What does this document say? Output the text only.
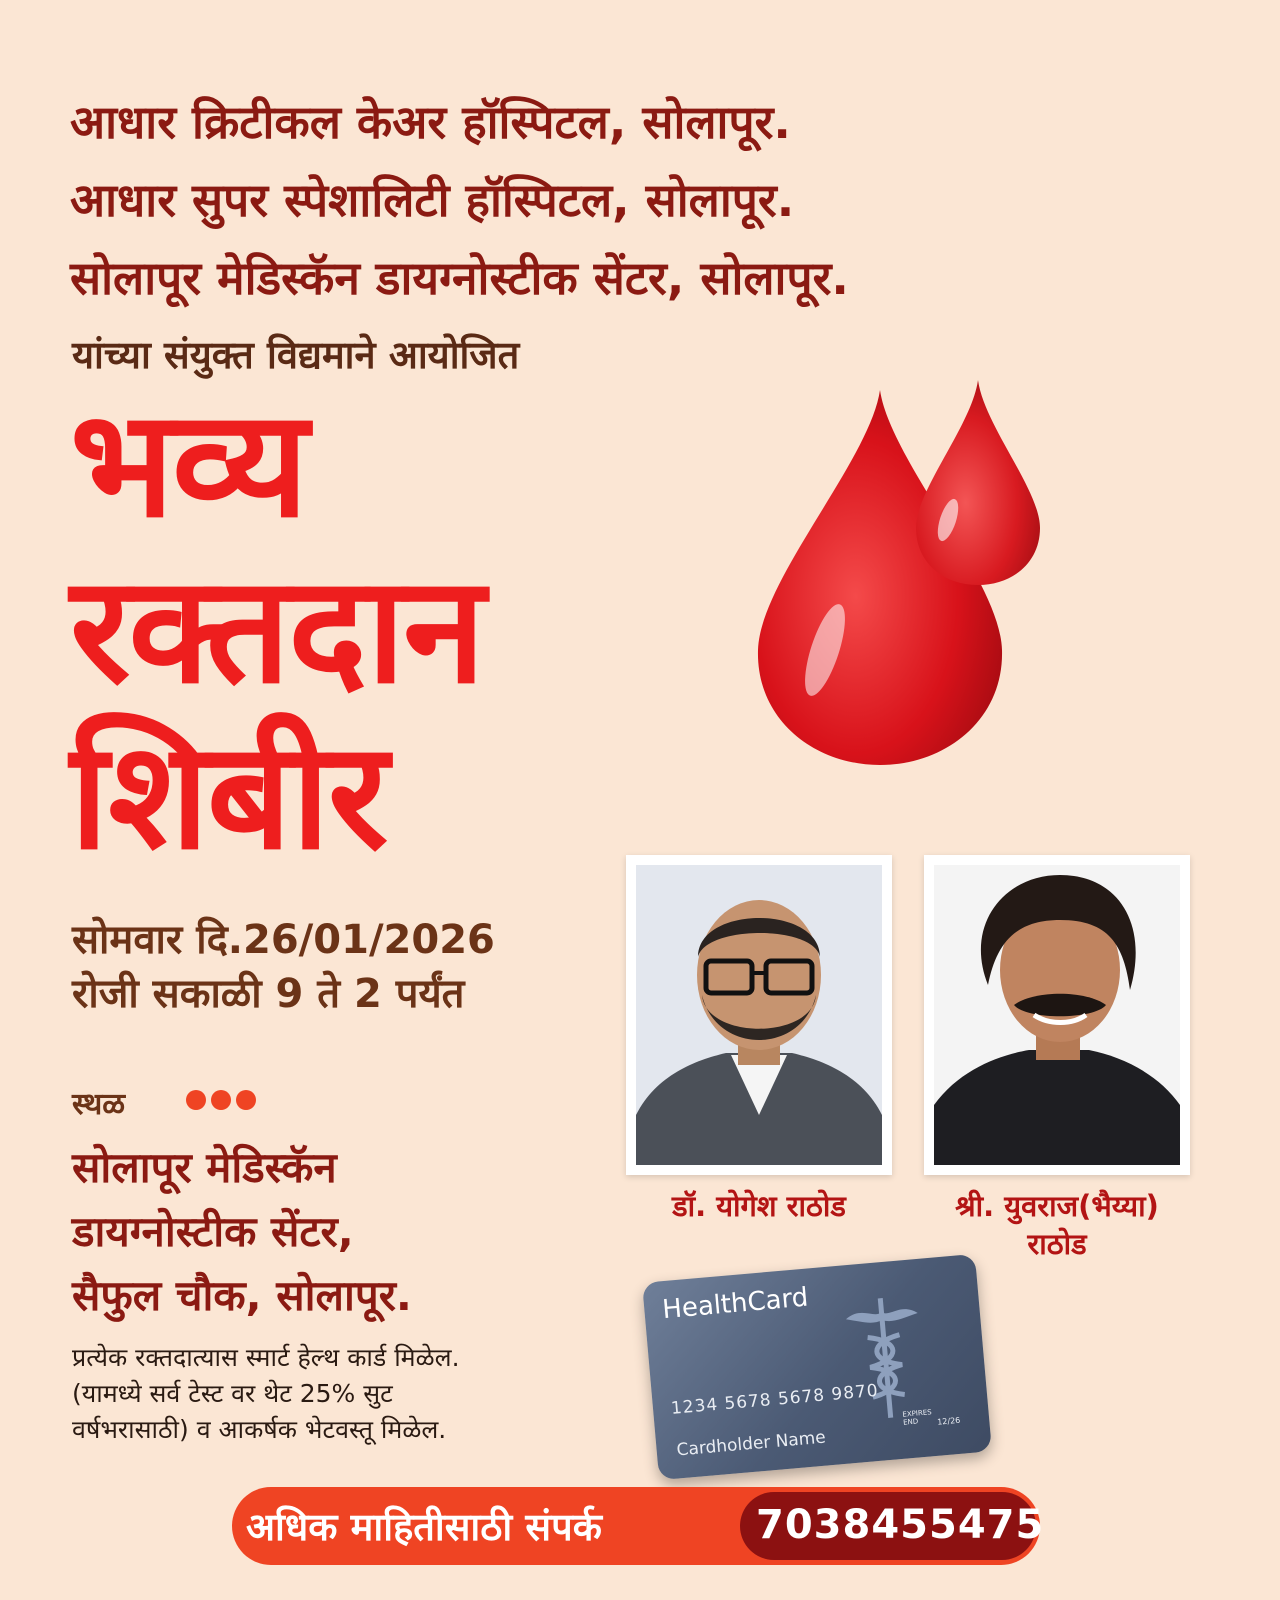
आधार क्रिटीकल केअर हॉस्पिटल, सोलापूर.
आधार सुपर स्पेशालिटी हॉस्पिटल, सोलापूर.
सोलापूर मेडिस्कॅन डायग्नोस्टीक सेंटर, सोलापूर.
यांच्या संयुक्त विद्यमाने आयोजित
भव्य
रक्तदान
शिबीर
सोमवार दि.26/01/2026
रोजी सकाळी 9 ते 2 पर्यंत
स्थळ
सोलापूर मेडिस्कॅन
डायग्नोस्टीक सेंटर,
सैफुल चौक, सोलापूर.
प्रत्येक रक्तदात्यास स्मार्ट हेल्थ कार्ड मिळेल.
(यामध्ये सर्व टेस्ट वर थेट 25% सुट
वर्षभरासाठी) व आकर्षक भेटवस्तू मिळेल.
डॉ. योगेश राठोड	श्री. युवराज(भैय्या)
राठोड
HealthCard
1234 5678 5678 9870
Cardholder Name
EXPIRES END	12/26
अधिक माहितीसाठी संपर्क	7038455475
